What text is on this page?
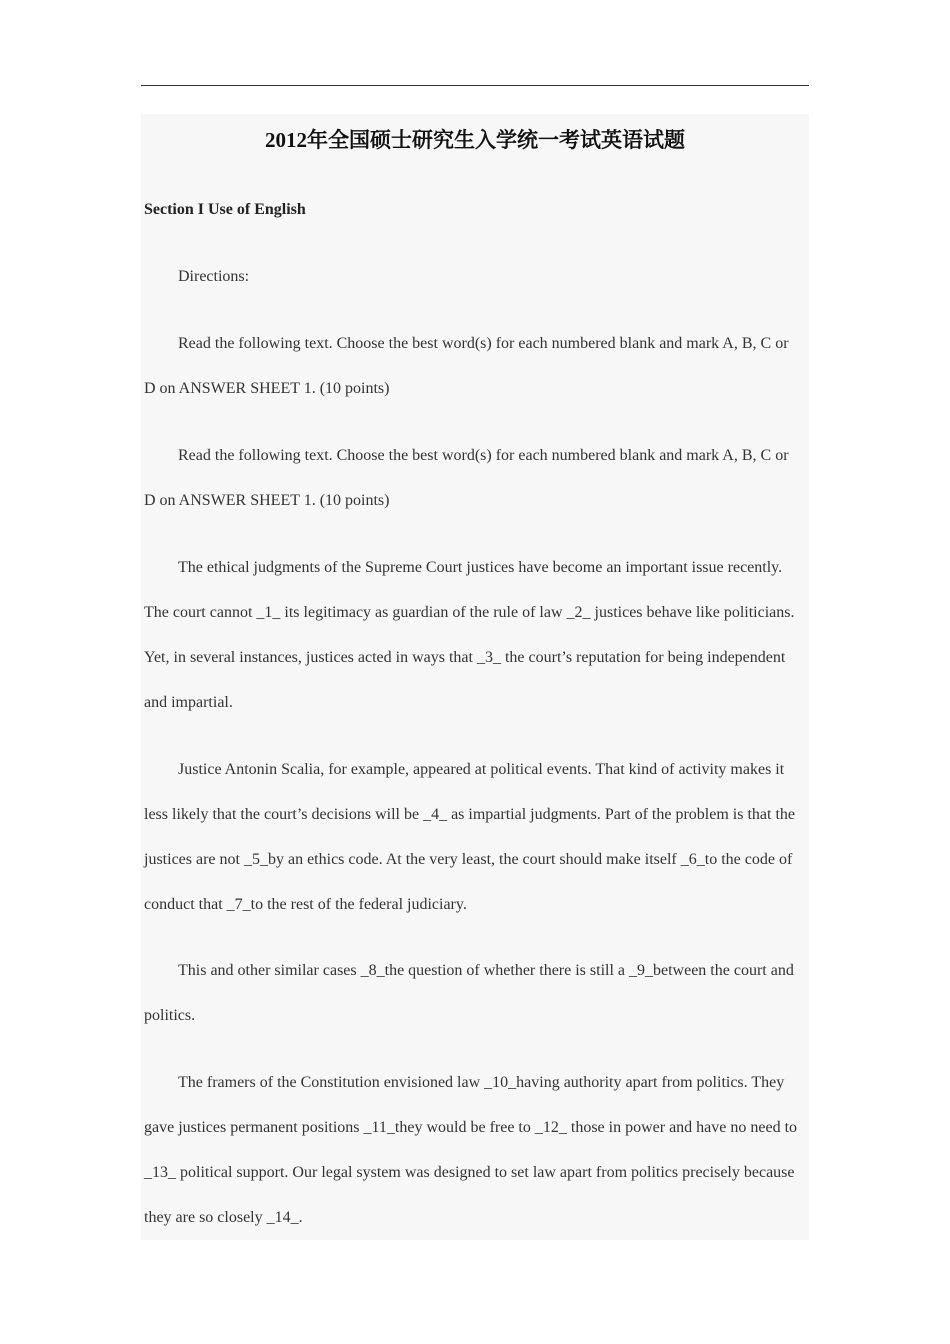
2012年全国硕士研究生入学统一考试英语试题
Section I Use of English

Directions:

Read the following text. Choose the best word(s) for each numbered blank and mark A, B, C or D on ANSWER SHEET 1. (10 points)

Read the following text. Choose the best word(s) for each numbered blank and mark A, B, C or D on ANSWER SHEET 1. (10 points)

The ethical judgments of the Supreme Court justices have become an important issue recently. The court cannot _1_ its legitimacy as guardian of the rule of law _2_ justices behave like politicians. Yet, in several instances, justices acted in ways that _3_ the court’s reputation for being independent and impartial.

Justice Antonin Scalia, for example, appeared at political events. That kind of activity makes it less likely that the court’s decisions will be _4_ as impartial judgments. Part of the problem is that the justices are not _5_by an ethics code. At the very least, the court should make itself _6_to the code of conduct that _7_to the rest of the federal judiciary.

This and other similar cases _8_the question of whether there is still a _9_between the court and politics.

The framers of the Constitution envisioned law _10_having authority apart from politics. They gave justices permanent positions _11_they would be free to _12_ those in power and have no need to _13_ political support. Our legal system was designed to set law apart from politics precisely because they are so closely _14_.
